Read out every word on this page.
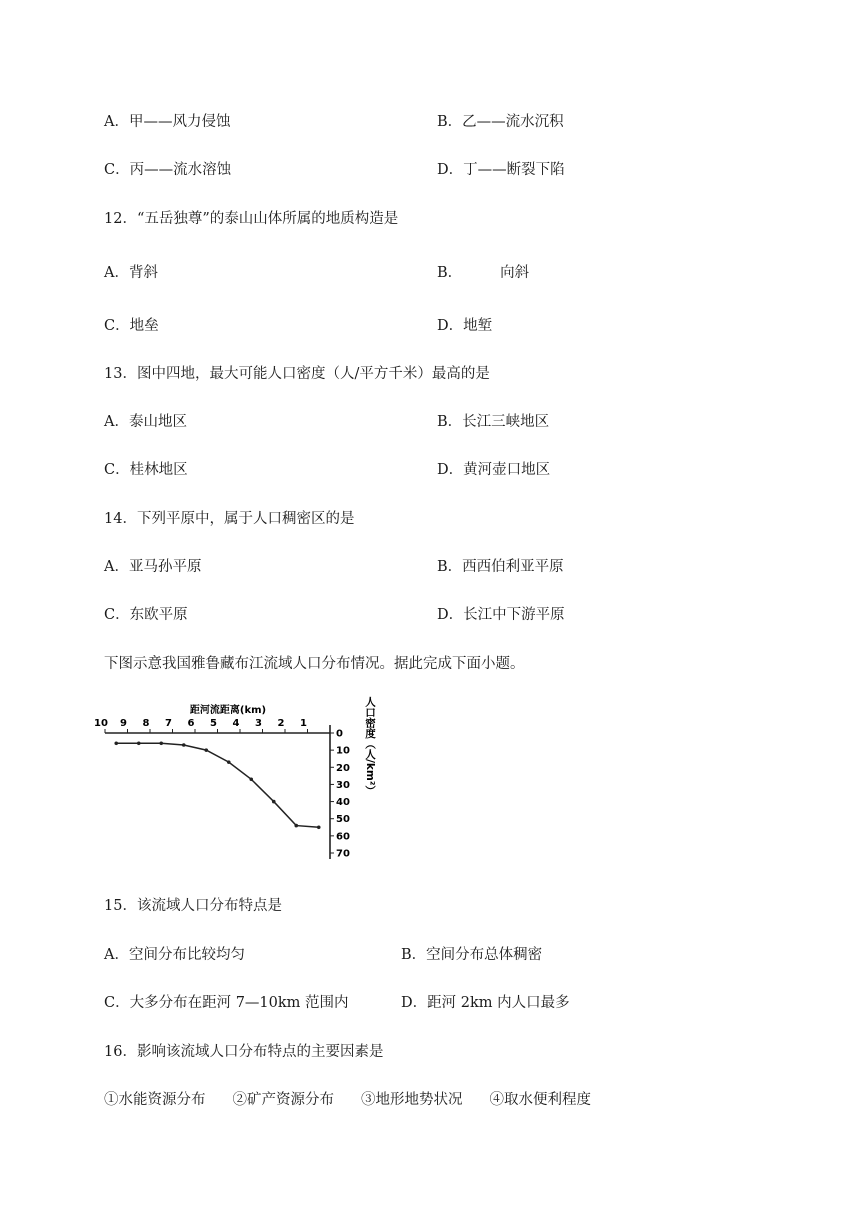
A．甲——风力侵蚀	B．乙——流水沉积
C．丙——流水溶蚀	D．丁——断裂下陷
12．“五岳独尊”的泰山山体所属的地质构造是
A．背斜	B．	向斜
C．地垒	D．地堑
13．图中四地，最大可能人口密度（人/平方千米）最高的是
A．泰山地区	B．长江三峡地区
C．桂林地区	D．黄河壶口地区
14．下列平原中，属于人口稠密区的是
A．亚马孙平原	B．西西伯利亚平原
C．东欧平原	D．长江中下游平原
下图示意我国雅鲁藏布江流域人口分布情况。据此完成下面小题。
10 9 8 7 6 5 4 3 2 1
0
10
20
30
40
50
60
70
距河流距离(km)	人口密度（人/km²）
15．该流域人口分布特点是
A．空间分布比较均匀	B．空间分布总体稠密
C．大多分布在距河 7—10km 范围内	D．距河 2km 内人口最多
16．影响该流域人口分布特点的主要因素是
①水能资源分布 ②矿产资源分布 ③地形地势状况 ④取水便利程度
